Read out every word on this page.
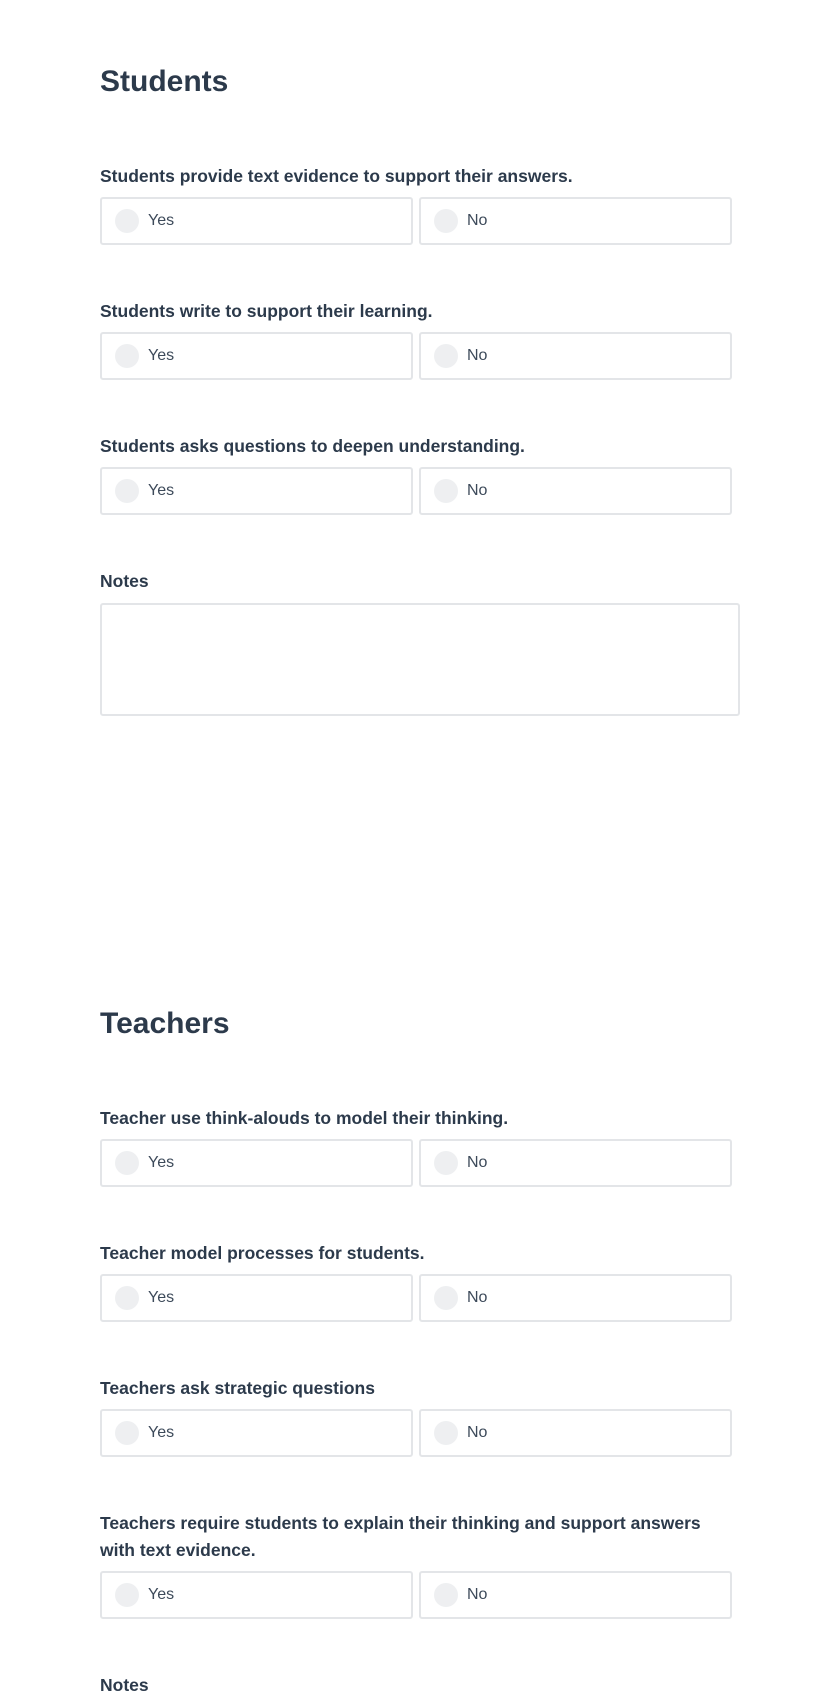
Students

Students provide text evidence to support their answers.

Yes	No

Students write to support their learning.

Yes	No

Students asks questions to deepen understanding.

Yes	No

Notes

Teachers

Teacher use think-alouds to model their thinking.

Yes	No

Teacher model processes for students.

Yes	No

Teachers ask strategic questions

Yes	No

Teachers require students to explain their thinking and support answers with text evidence.

Yes	No

Notes
